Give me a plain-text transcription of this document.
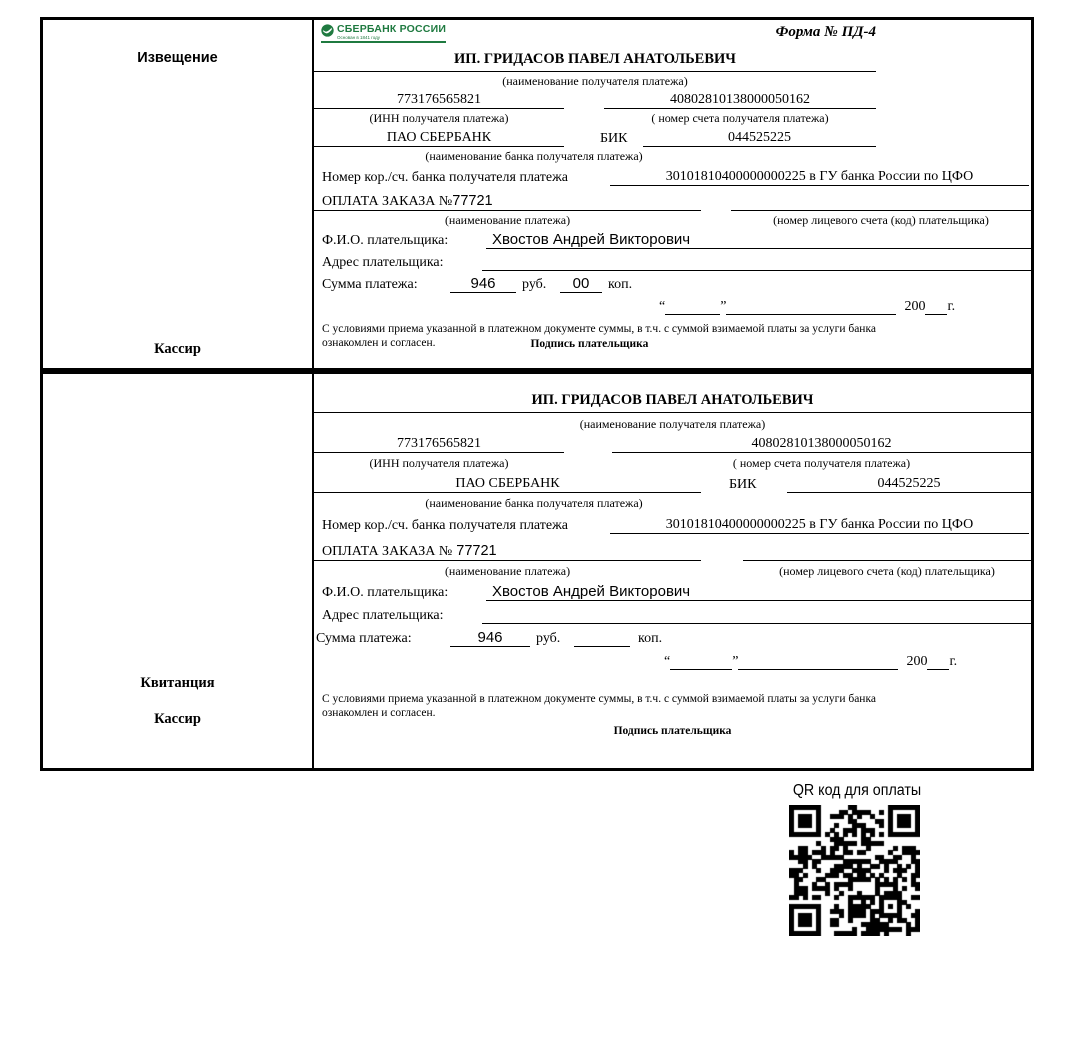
Извещение
Кассир
СБЕРБАНК РОССИИ
Основан в 1841 году	Форма № ПД-4
ИП. ГРИДАСОВ ПАВЕЛ АНАТОЛЬЕВИЧ
(наименование получателя платежа)
773176565821	40802810138000050162
(ИНН получателя платежа)	( номер счета получателя платежа)
ПАО СБЕРБАНК	БИК	044525225
(наименование банка получателя платежа)
Номер кор./сч. банка получателя платежа	30101810400000000225 в ГУ банка России по ЦФО
ОПЛАТА ЗАКАЗА №77721
(наименование платежа)	(номер лицевого счета (код) плательщика)
Ф.И.О. плательщика:	Хвостов Андрей Викторович
Адрес плательщика:
Сумма платежа:	946	руб.	00	коп.
“	”	200 г.
С условиями приема указанной в платежном документе суммы, в т.ч. с суммой взимаемой платы за услуги банка
ознакомлен и согласен.	Подпись плательщика
Квитанция
Кассир
ИП. ГРИДАСОВ ПАВЕЛ АНАТОЛЬЕВИЧ
(наименование получателя платежа)
773176565821	40802810138000050162
(ИНН получателя платежа)	( номер счета получателя платежа)
ПАО СБЕРБАНК	БИК	044525225
(наименование банка получателя платежа)
Номер кор./сч. банка получателя платежа	30101810400000000225 в ГУ банка России по ЦФО
ОПЛАТА ЗАКАЗА № 77721
(наименование платежа)	(номер лицевого счета (код) плательщика)
Ф.И.О. плательщика:	Хвостов Андрей Викторович
Адрес плательщика:
Сумма платежа:	946	руб.	коп.
“	”	200 г.
С условиями приема указанной в платежном документе суммы, в т.ч. с суммой взимаемой платы за услуги банка
ознакомлен и согласен.
Подпись плательщика
QR код для оплаты
